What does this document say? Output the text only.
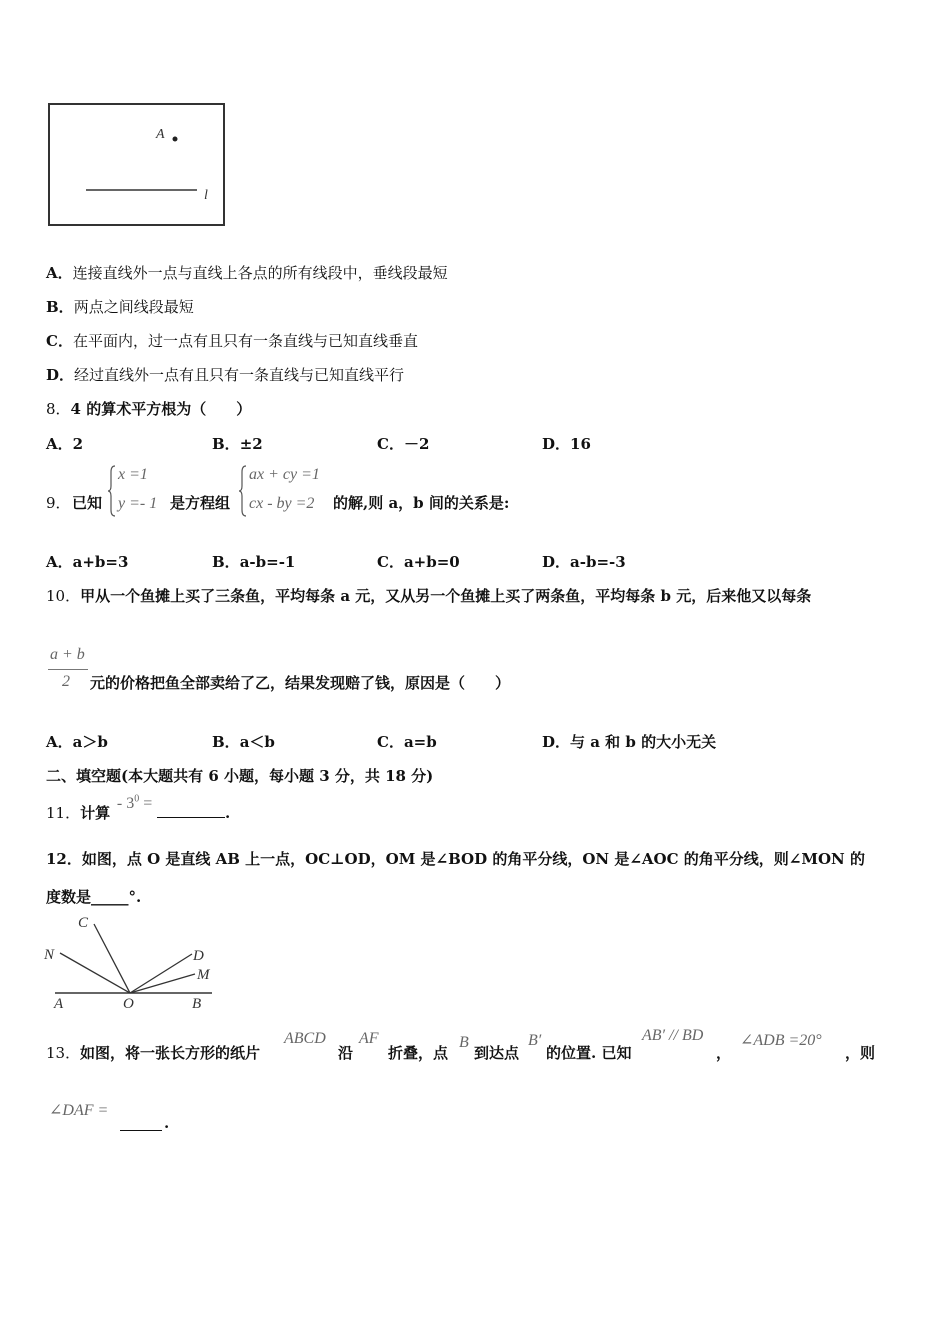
A
l
A．连接直线外一点与直线上各点的所有线段中，垂线段最短
B．两点之间线段最短
C．在平面内，过一点有且只有一条直线与已知直线垂直
D．经过直线外一点有且只有一条直线与已知直线平行
8．4 的算术平方根为（　　）
A．2	B．±2	C．－2	D．16
9． 已知
x =1
y =- 1 是方程组
ax + cy =1
cx - by =2 的解,则 a，b 间的关系是:
A．a+b=3	B．a-b=-1	C．a+b=0	D．a-b=-3
10．甲从一个鱼摊上买了三条鱼，平均每条 a 元，又从另一个鱼摊上买了两条鱼，平均每条 b 元，后来他又以每条
a + b
2 元的价格把鱼全部卖给了乙，结果发现赔了钱，原因是（　　）
A．a＞b	B．a＜b	C．a=b	D．与 a 和 b 的大小无关
二、填空题(本大题共有 6 小题，每小题 3 分，共 18 分)
11．计算 - $3^0$ = .
12．如图，点 O 是直线 AB 上一点，OC⊥OD，OM 是∠BOD 的角平分线，ON 是∠AOC 的角平分线，则∠MON 的
度数是_____°.
C
N	D
M
A	O	B
13． 如图，将一张长方形的纸片
ABCD
沿
AF
折叠，点
B
到达点
B′
的位置. 已知
AB′ // BD
，
∠ADB =20°
，则
∠DAF =
.
